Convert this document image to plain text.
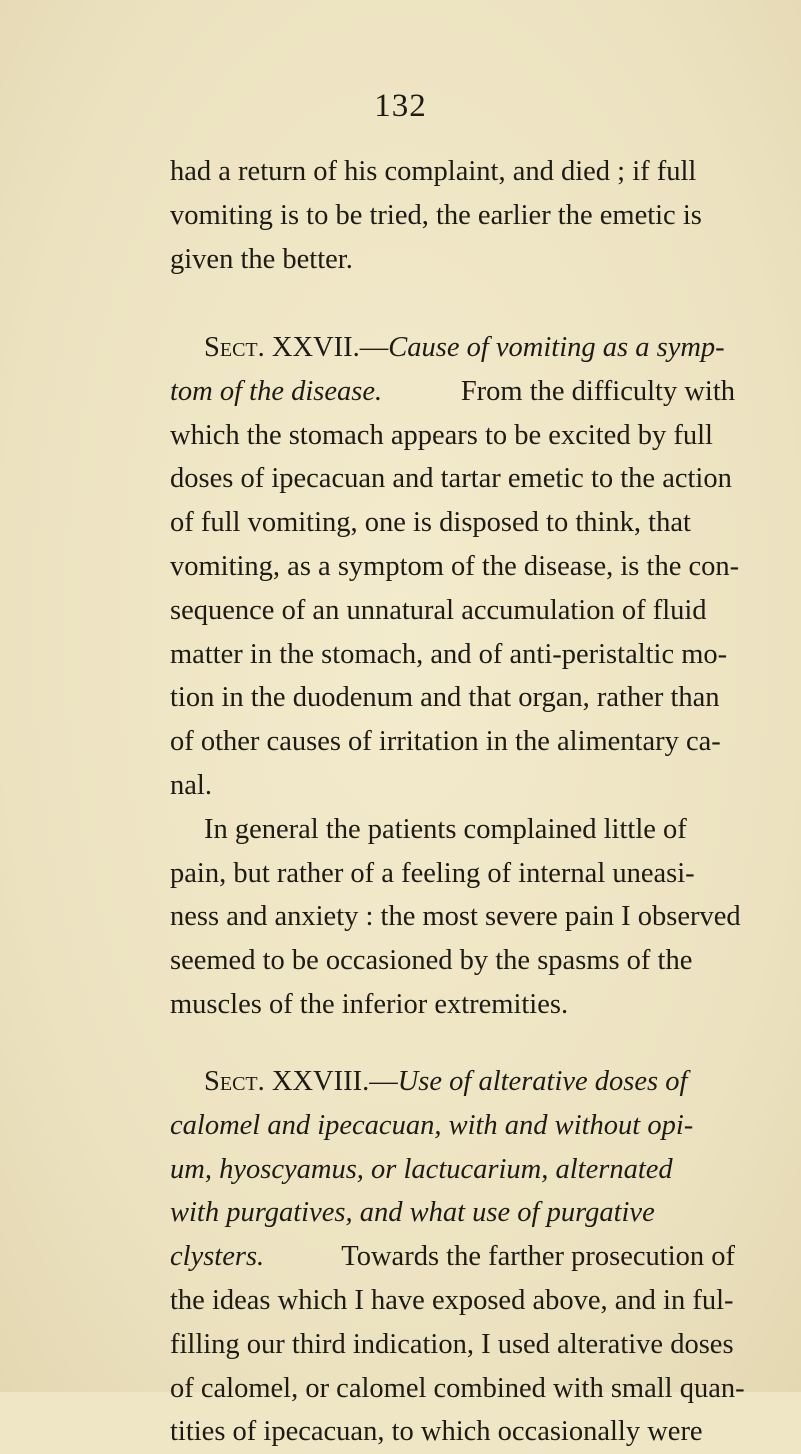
132
had a return of his complaint, and died ; if full
vomiting is to be tried, the earlier the emetic is
given the better.
Sect. XXVII.—Cause of vomiting as a symp-
tom of the disease.	From the difficulty with
which the stomach appears to be excited by full
doses of ipecacuan and tartar emetic to the action
of full vomiting, one is disposed to think, that
vomiting, as a symptom of the disease, is the con-
sequence of an unnatural accumulation of fluid
matter in the stomach, and of anti-peristaltic mo-
tion in the duodenum and that organ, rather than
of other causes of irritation in the alimentary ca-
nal.
In general the patients complained little of
pain, but rather of a feeling of internal uneasi-
ness and anxiety : the most severe pain I observed
seemed to be occasioned by the spasms of the
muscles of the inferior extremities.
Sect. XXVIII.—Use of alterative doses of
calomel and ipecacuan, with and without opi-
um, hyoscyamus, or lactucarium, alternated
with purgatives, and what use of purgative
clysters.	Towards the farther prosecution of
the ideas which I have exposed above, and in ful-
filling our third indication, I used alterative doses
of calomel, or calomel combined with small quan-
tities of ipecacuan, to which occasionally were
